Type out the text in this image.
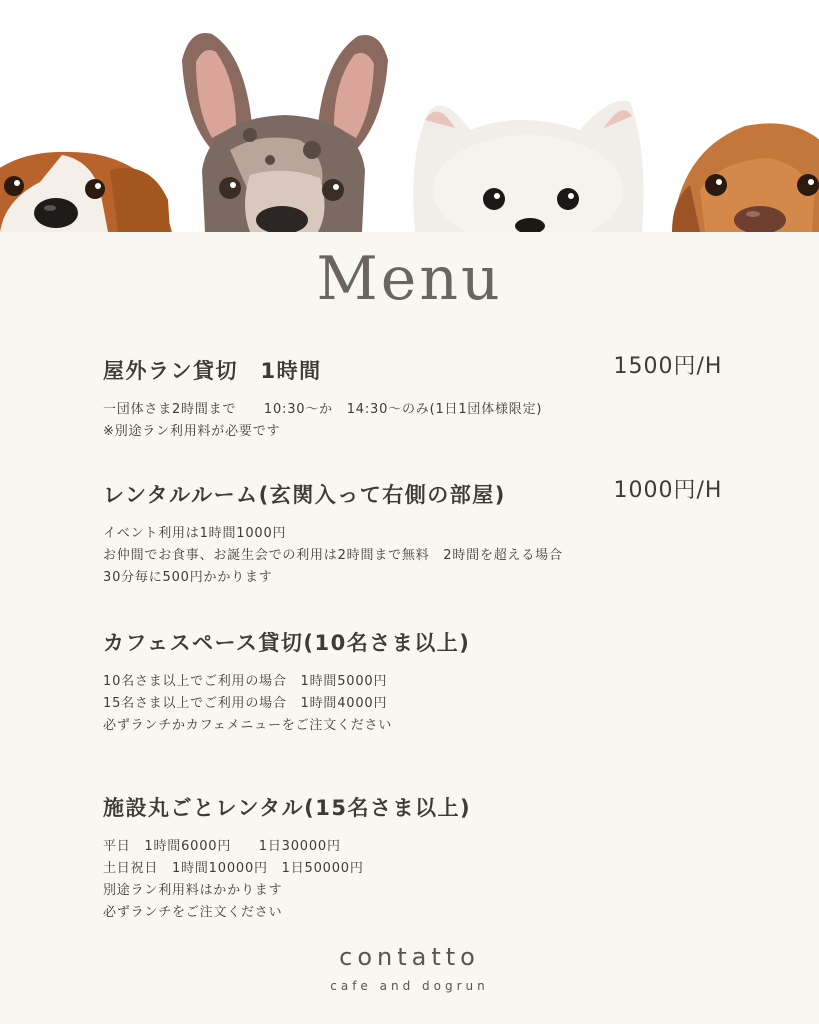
Menu
屋外ラン貸切　1時間
一団体さま2時間まで　　10:30〜か　14:30〜のみ(1日1団体様限定)
※別途ラン利用料が必要です
1500円/H
レンタルルーム(玄関入って右側の部屋)
イベント利用は1時間1000円
お仲間でお食事、お誕生会での利用は2時間まで無料　2時間を超える場合
30分毎に500円かかります
1000円/H
カフェスペース貸切(10名さま以上)
10名さま以上でご利用の場合　1時間5000円
15名さま以上でご利用の場合　1時間4000円
必ずランチかカフェメニューをご注文ください
施設丸ごとレンタル(15名さま以上)
平日　1時間6000円　　1日30000円
土日祝日　1時間10000円　1日50000円
別途ラン利用料はかかります
必ずランチをご注文ください
contatto
cafe and dogrun
